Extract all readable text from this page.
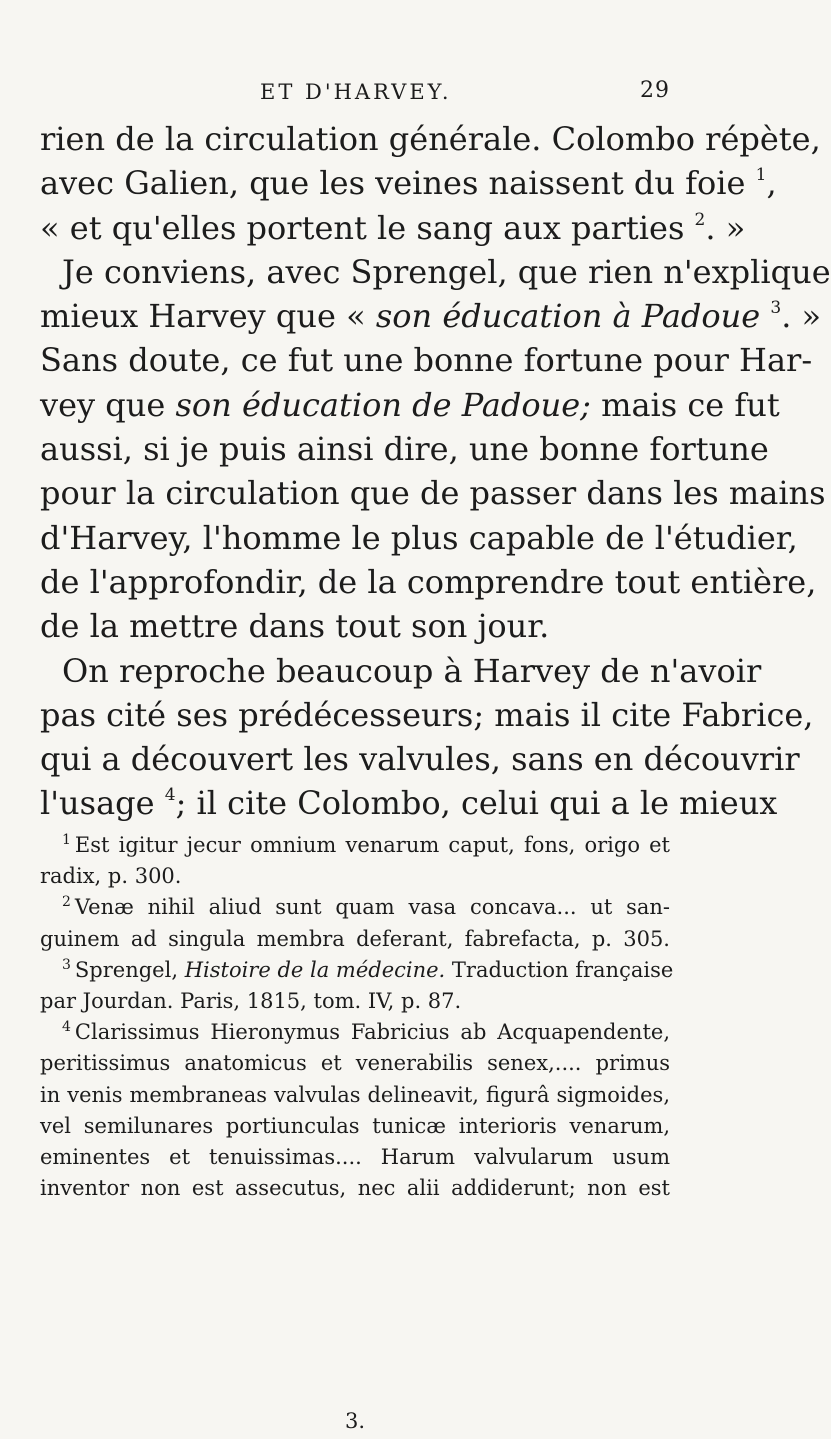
ET D'HARVEY.	29
rien de la circulation générale. Colombo répète,
avec Galien, que les veines naissent du foie $^1$,
« et qu'elles portent le sang aux parties $^2$. »
Je conviens, avec Sprengel, que rien n'explique
mieux Harvey que « son éducation à Padoue $^3$. »
Sans doute, ce fut une bonne fortune pour Har-
vey que son éducation de Padoue; mais ce fut
aussi, si je puis ainsi dire, une bonne fortune
pour la circulation que de passer dans les mains
d'Harvey, l'homme le plus capable de l'étudier,
de l'approfondir, de la comprendre tout entière,
de la mettre dans tout son jour.
On reproche beaucoup à Harvey de n'avoir
pas cité ses prédécesseurs; mais il cite Fabrice,
qui a découvert les valvules, sans en découvrir
l'usage $^4$; il cite Colombo, celui qui a le mieux
$^1$ Est igitur jecur omnium venarum caput, fons, origo et
radix, p. 300.
$^2$ Venæ nihil aliud sunt quam vasa concava... ut san-
guinem ad singula membra deferant, fabrefacta, p. 305.
$^3$ Sprengel, Histoire de la médecine. Traduction française
par Jourdan. Paris, 1815, tom. IV, p. 87.
$^4$ Clarissimus Hieronymus Fabricius ab Acquapendente,
peritissimus anatomicus et venerabilis senex,.... primus
in venis membraneas valvulas delineavit, figurâ sigmoides,
vel semilunares portiunculas tunicæ interioris venarum,
eminentes et tenuissimas.... Harum valvularum usum
inventor non est assecutus, nec alii addiderunt; non est
3.
